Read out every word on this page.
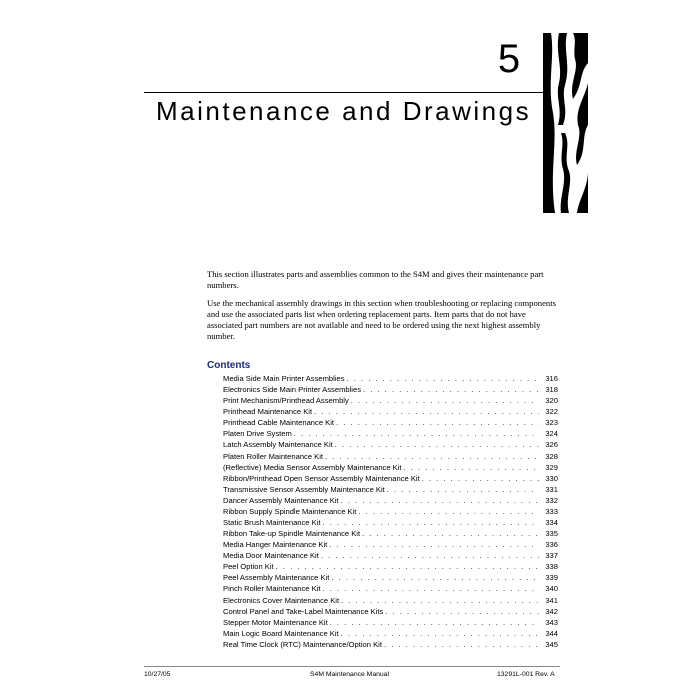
5
Maintenance and Drawings

This section illustrates parts and assemblies common to the S4M and gives their maintenance part numbers.

Use the mechanical assembly drawings in this section when troubleshooting or replacing components and use the associated parts list when ordering replacement parts. Item parts that do not have associated part numbers are not available and need to be ordered using the next highest assembly number.

Contents
Media Side Main Printer Assemblies . . .	316
Electronics Side Main Printer Assemblies . . .	318
Print Mechanism/Printhead Assembly . . .	320
Printhead Maintenance Kit . . .	322
Printhead Cable Maintenance Kit . . .	323
Platen Drive System . . .	324
Latch Assembly Maintenance Kit . . .	326
Platen Roller Maintenance Kit . . .	328
(Reflective) Media Sensor Assembly Maintenance Kit . . .	329
Ribbon/Printhead Open Sensor Assembly Maintenance Kit . . .	330
Transmissive Sensor Assembly Maintenance Kit . . .	331
Dancer Assembly Maintenance Kit . . .	332
Ribbon Supply Spindle Maintenance Kit . . .	333
Static Brush Maintenance Kit . . .	334
Ribbon Take-up Spindle Maintenance Kit . . .	335
Media Hanger Maintenance Kit . . .	336
Media Door Maintenance Kit . . .	337
Peel Option Kit . . .	338
Peel Assembly Maintenance Kit . . .	339
Pinch Roller Maintenance Kit . . .	340
Electronics Cover Maintenance Kit . . .	341
Control Panel and Take-Label Maintenance Kits . . .	342
Stepper Motor Maintenance Kit . . .	343
Main Logic Board Maintenance Kit . . .	344
Real Time Clock (RTC) Maintenance/Option Kit . . .	345
10/27/05	S4M Maintenance Manual	13291L-001 Rev. A
